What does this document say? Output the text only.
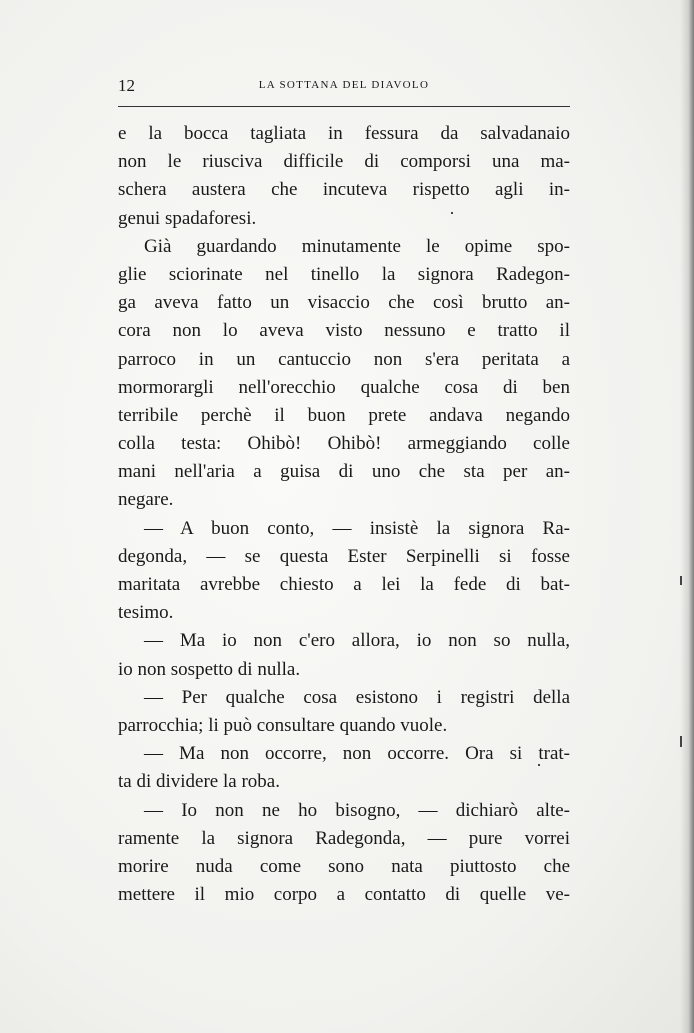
12	LA SOTTANA DEL DIAVOLO
e la bocca tagliata in fessura da salvadanaio
non le riusciva difficile di comporsi una ma-
schera austera che incuteva rispetto agli in-
genui spadaforesi.
Già guardando minutamente le opime spo-
glie sciorinate nel tinello la signora Radegon-
ga aveva fatto un visaccio che così brutto an-
cora non lo aveva visto nessuno e tratto il
parroco in un cantuccio non s'era peritata a
mormorargli nell'orecchio qualche cosa di ben
terribile perchè il buon prete andava negando
colla testa: Ohibò! Ohibò! armeggiando colle
mani nell'aria a guisa di uno che sta per an-
negare.
— A buon conto, — insistè la signora Ra-
degonda, — se questa Ester Serpinelli si fosse
maritata avrebbe chiesto a lei la fede di bat-
tesimo.
— Ma io non c'ero allora, io non so nulla,
io non sospetto di nulla.
— Per qualche cosa esistono i registri della
parrocchia; li può consultare quando vuole.
— Ma non occorre, non occorre. Ora si trat-
ta di dividere la roba.
— Io non ne ho bisogno, — dichiarò alte-
ramente la signora Radegonda, — pure vorrei
morire nuda come sono nata piuttosto che
mettere il mio corpo a contatto di quelle ve-
